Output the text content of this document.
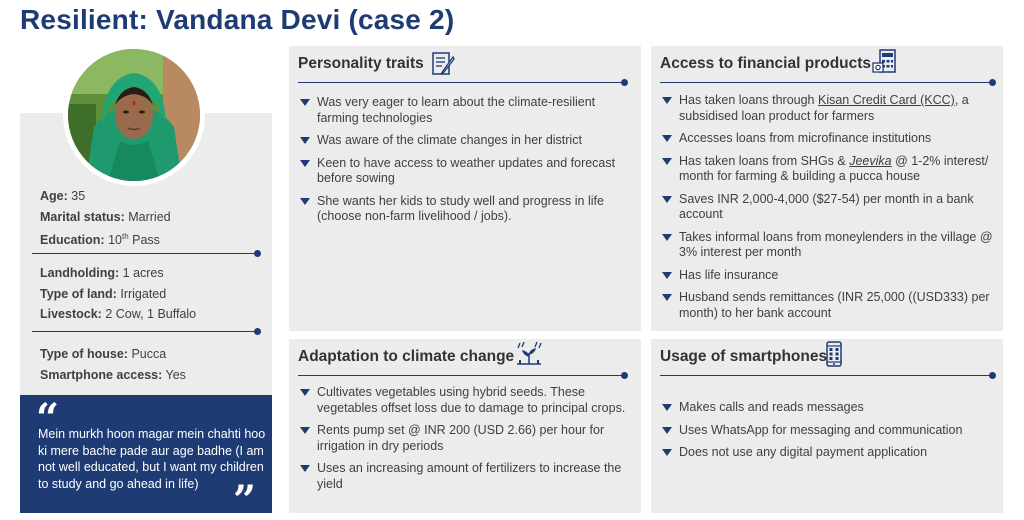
Resilient: Vandana Devi (case 2)
Age: 35
Marital status: Married
Education: 10th Pass
Landholding: 1 acres
Type of land: Irrigated
Livestock: 2 Cow, 1 Buffalo
Type of house: Pucca
Smartphone access: Yes
“
Mein murkh hoon magar mein chahti hoo ki mere bache pade aur age badhe (I am not well educated, but I want my children to study and go ahead in life) ”
Personality traits
Was very eager to learn about the climate-resilient farming technologies
Was aware of the climate changes in her district
Keen to have access to weather updates and forecast before sowing
She wants her kids to study well and progress in life (choose non-farm livelihood / jobs).
Access to financial products
Has taken loans through Kisan Credit Card (KCC), a subsidised loan product for farmers
Accesses loans from microfinance institutions
Has taken loans from SHGs & Jeevika @ 1-2% interest/ month for farming & building a pucca house
Saves INR 2,000-4,000 ($27-54) per month in a bank account
Takes informal loans from moneylenders in the village @ 3% interest per month
Has life insurance
Husband sends remittances (INR 25,000 ((USD333) per month) to her bank account
Adaptation to climate change
Cultivates vegetables using hybrid seeds. These vegetables offset loss due to damage to principal crops.
Rents pump set @ INR 200 (USD 2.66) per hour for irrigation in dry periods
Uses an increasing amount of fertilizers to increase the yield
Usage of smartphones
Makes calls and reads messages
Uses WhatsApp for messaging and communication
Does not use any digital payment application
